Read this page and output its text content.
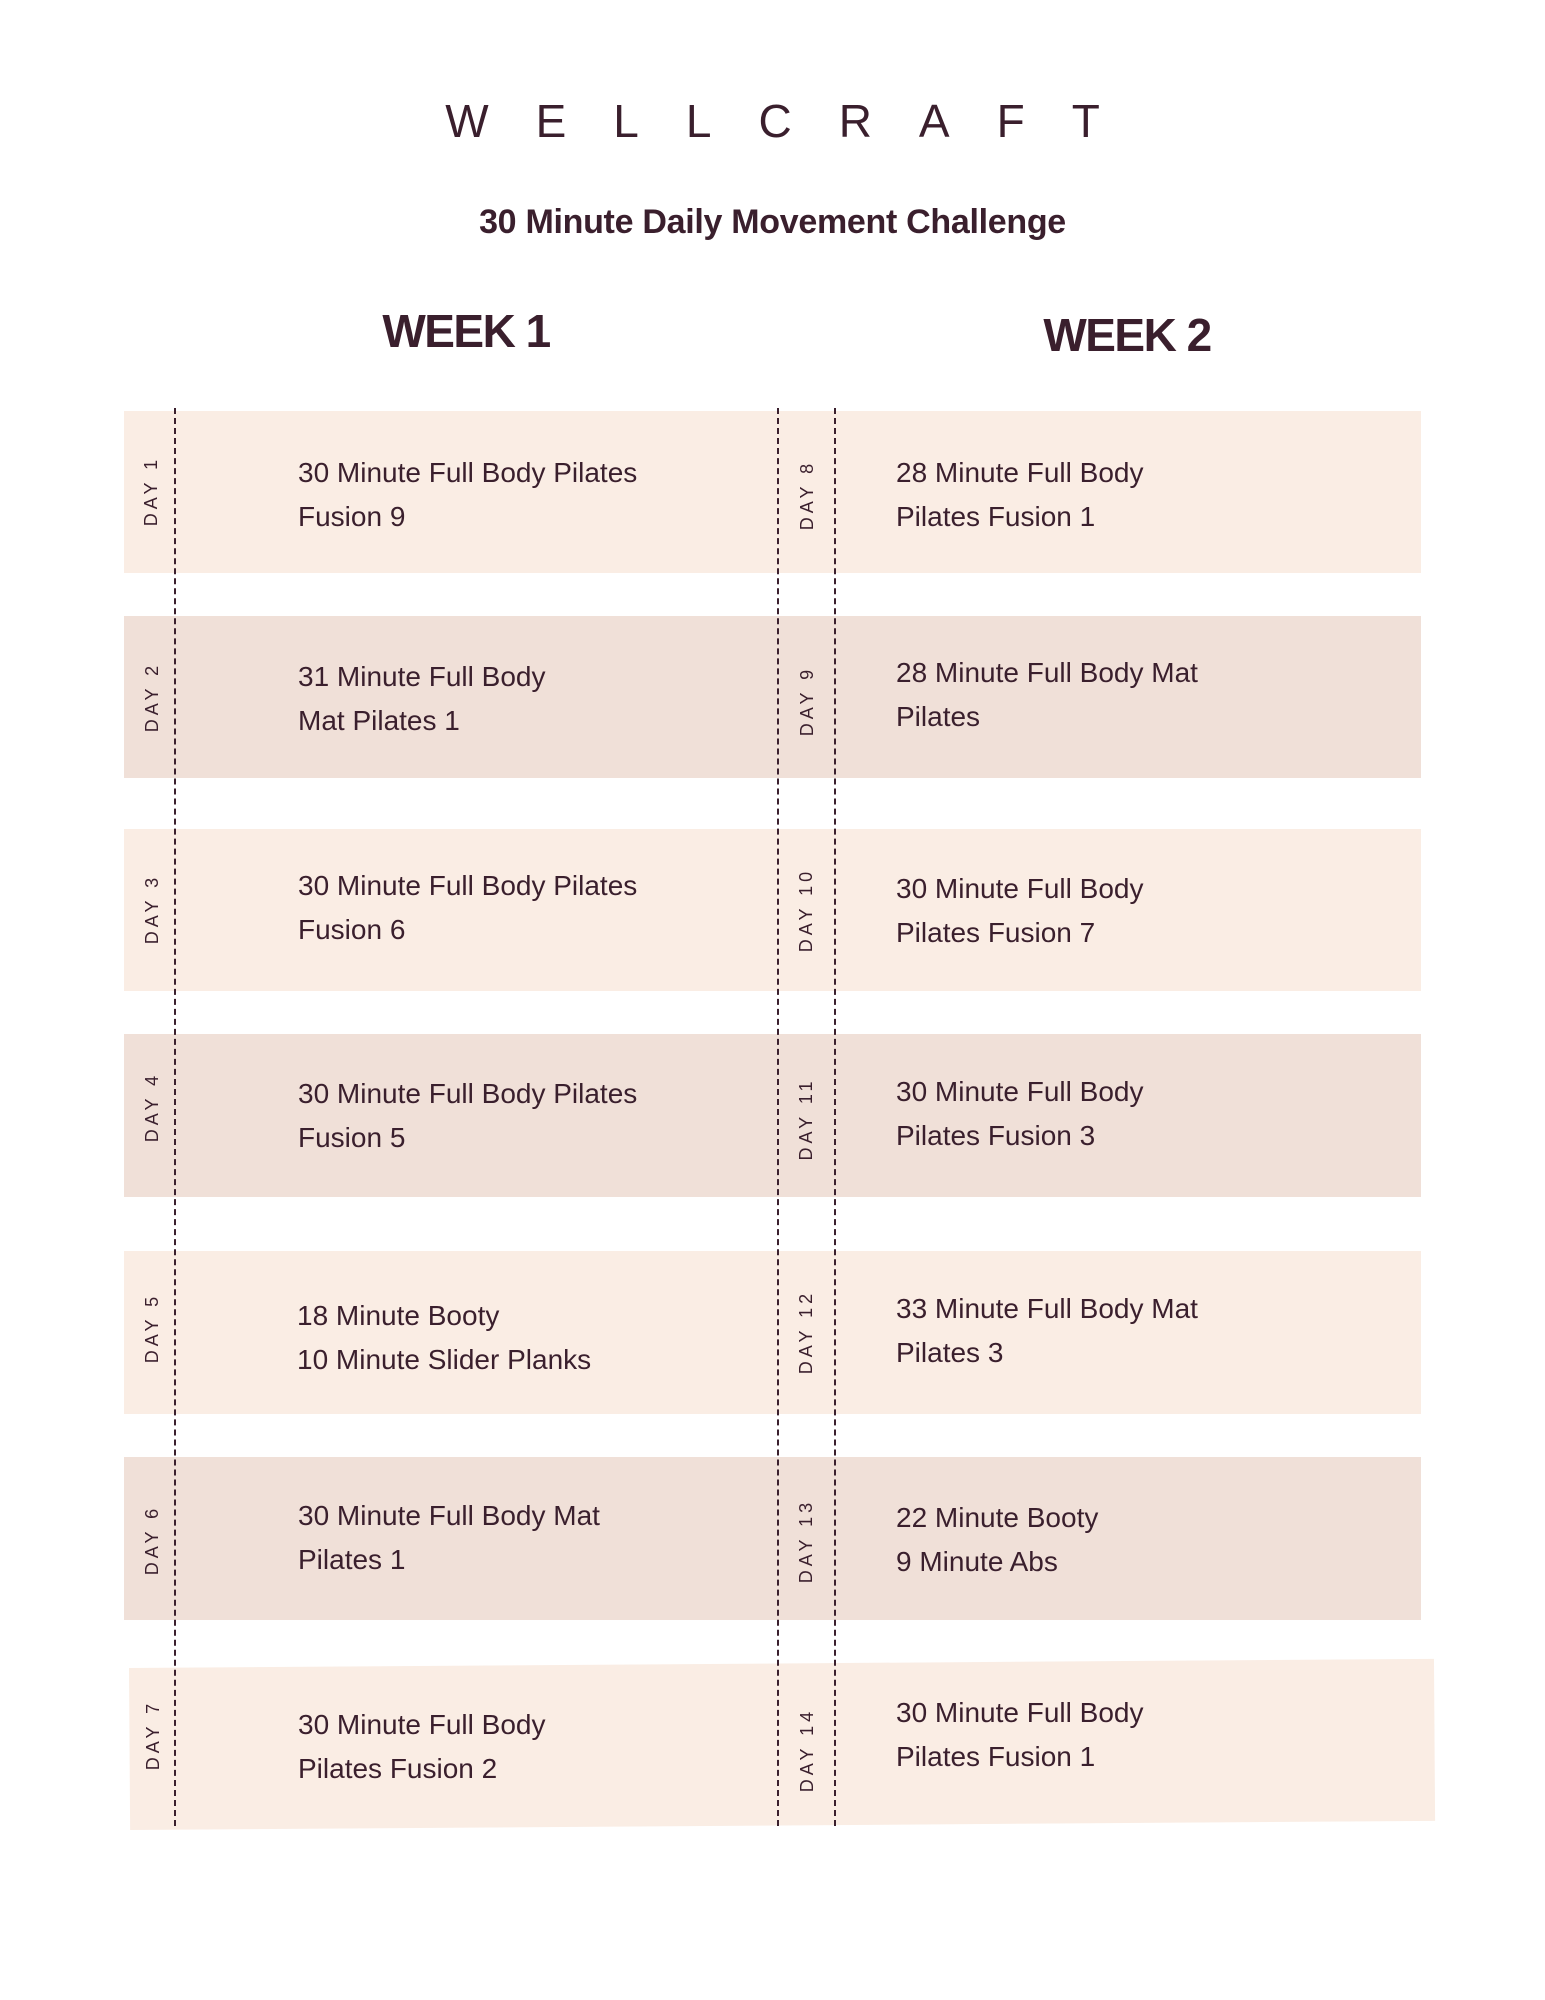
WELLCRAFT
30 Minute Daily Movement Challenge
WEEK 1	WEEK 2
DAY 1	30 Minute Full Body Pilates
Fusion 9
DAY 2	31 Minute Full Body
Mat Pilates 1
DAY 3	30 Minute Full Body Pilates
Fusion 6
DAY 4	30 Minute Full Body Pilates
Fusion 5
DAY 5	18 Minute Booty
10 Minute Slider Planks
DAY 6	30 Minute Full Body Mat
Pilates 1
DAY 7	30 Minute Full Body
Pilates Fusion 2
DAY 8	28 Minute Full Body
Pilates Fusion 1
DAY 9	28 Minute Full Body Mat
Pilates
DAY 10	30 Minute Full Body
Pilates Fusion 7
DAY 11	30 Minute Full Body
Pilates Fusion 3
DAY 12	33 Minute Full Body Mat
Pilates 3
DAY 13	22 Minute Booty
9 Minute Abs
DAY 14	30 Minute Full Body
Pilates Fusion 1
